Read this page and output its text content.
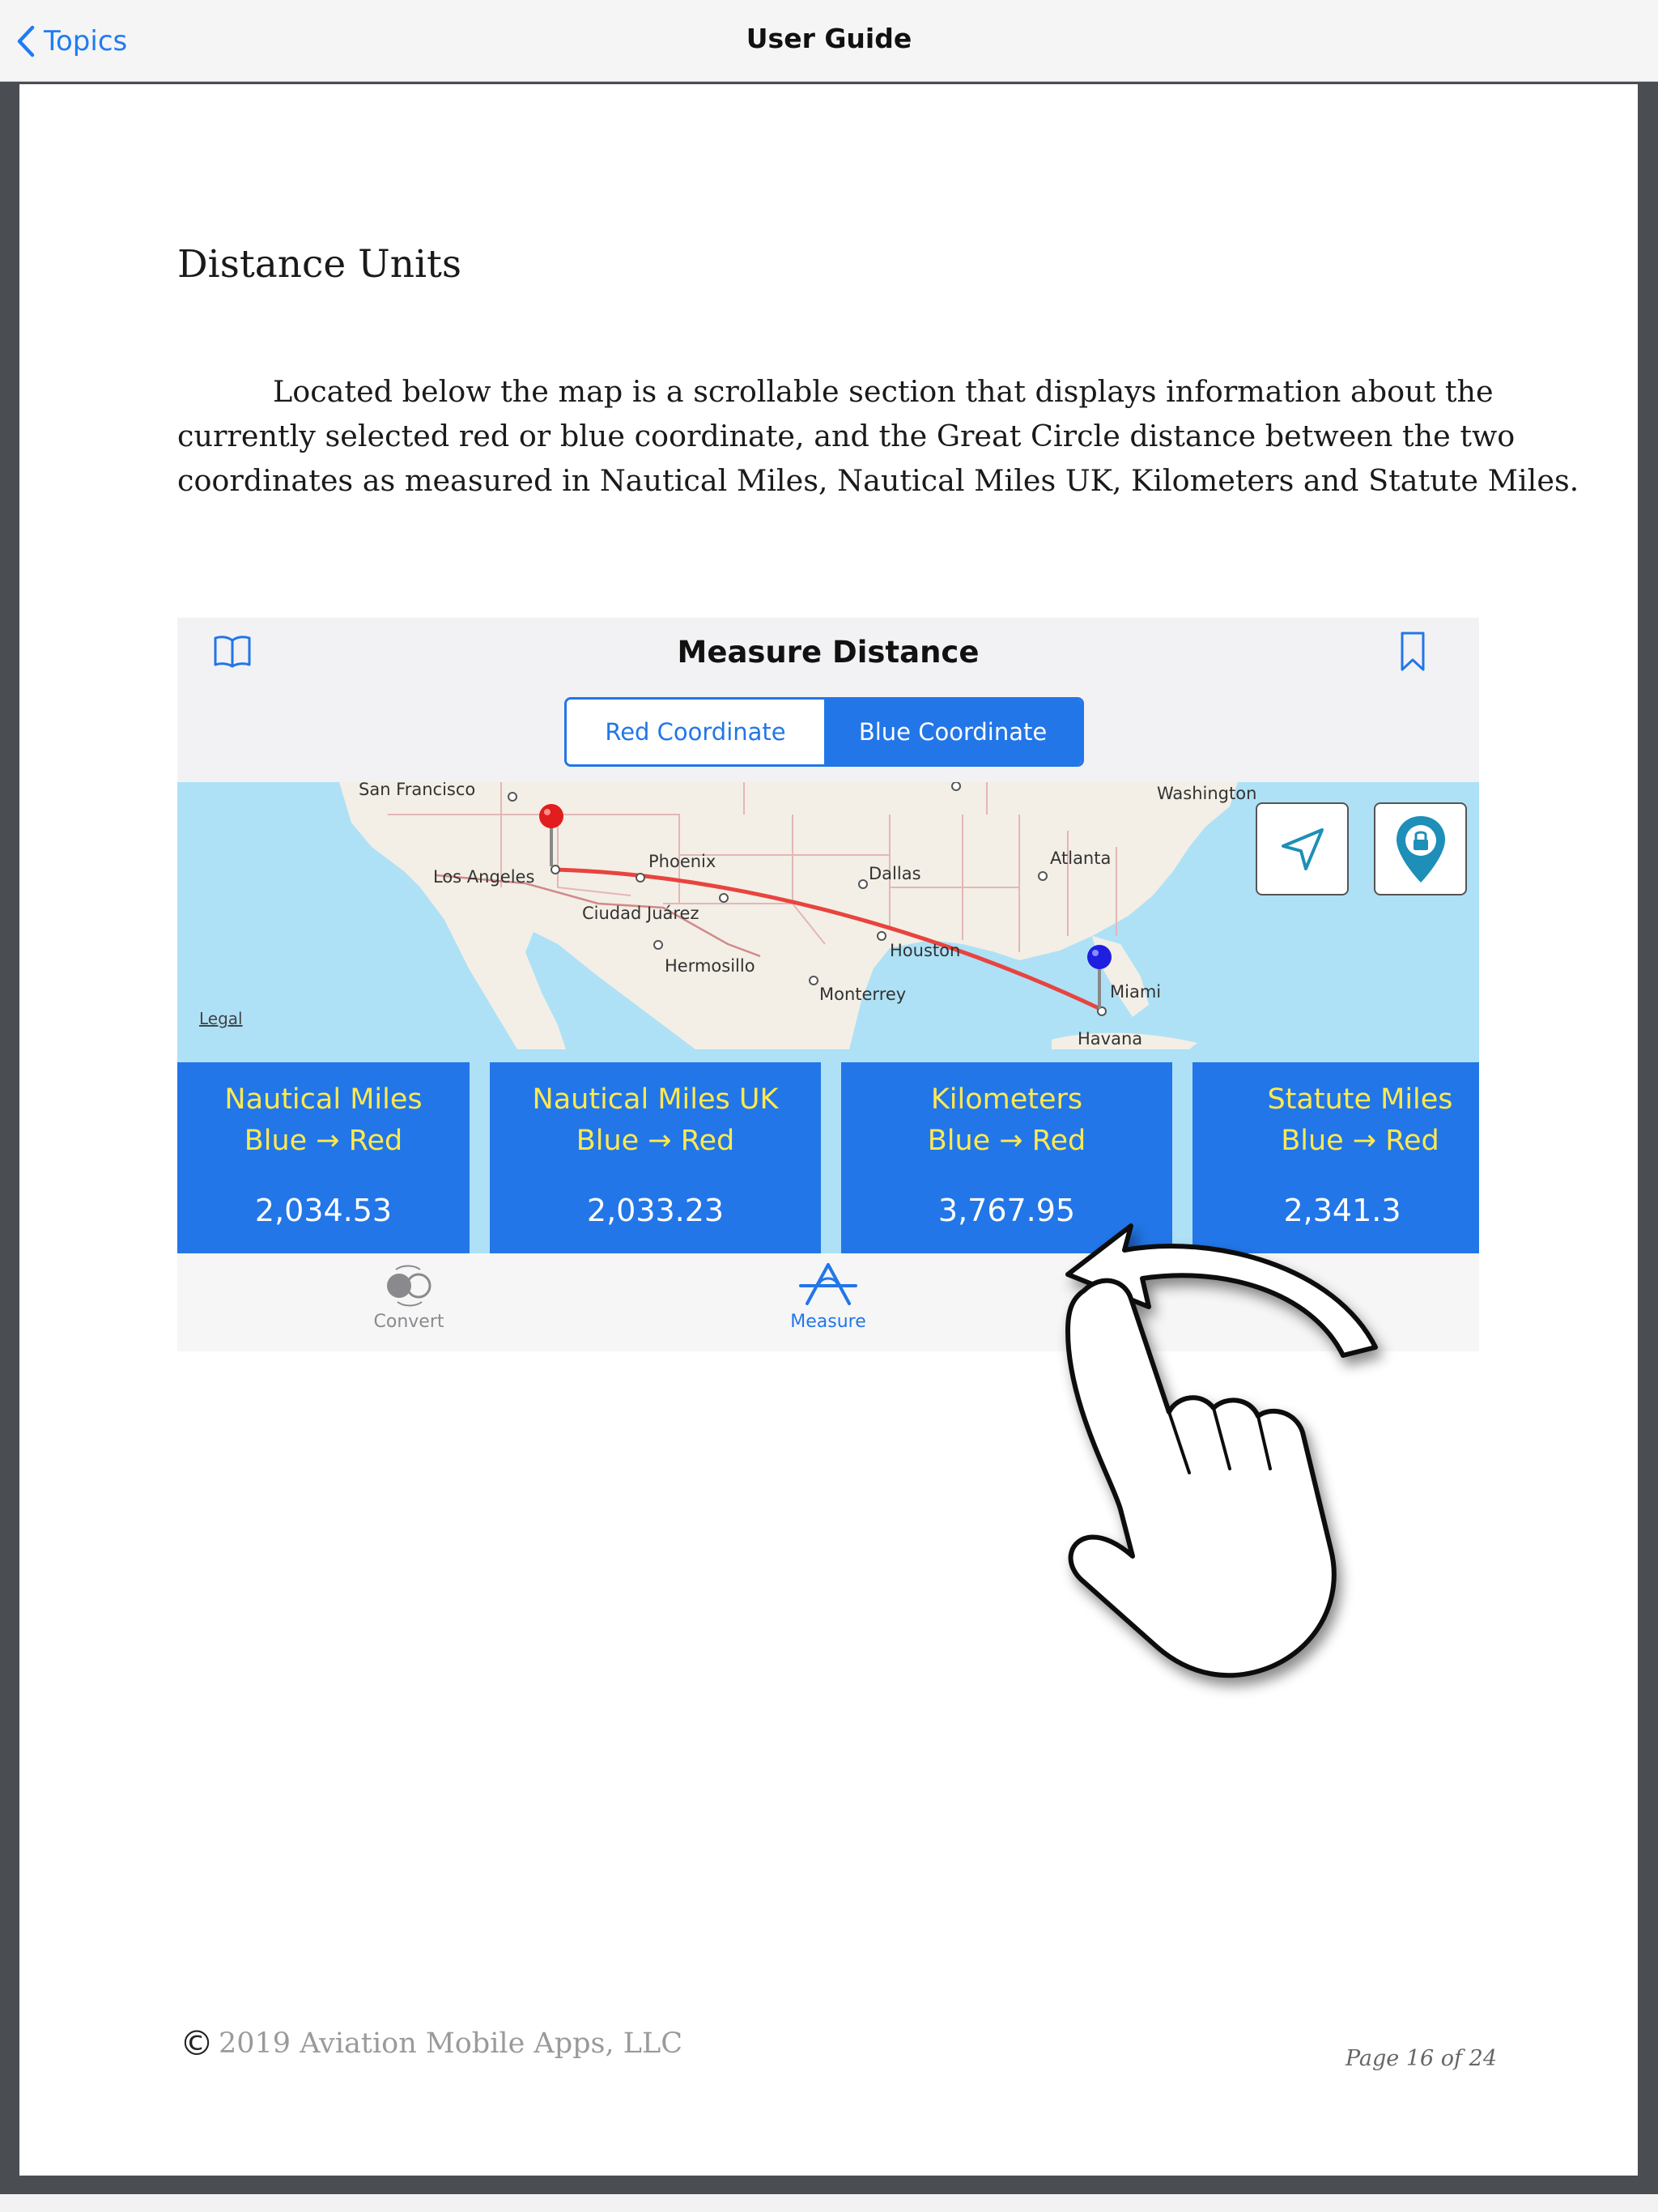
Topics	User Guide
Distance Units

Located below the map is a scrollable section that displays information about the
currently selected red or blue coordinate, and the Great Circle distance between the two
coordinates as measured in Nautical Miles, Nautical Miles UK, Kilometers and Statute Miles.

Measure Distance
Red Coordinate	Blue Coordinate
San Francisco	Washington
Los Angeles
Phoenix
Dallas
Atlanta
Ciudad Juárez
Houston
Hermosillo
Monterrey	Miami
Havana
Legal
Nautical Miles
Blue → Red
2,034.53
Nautical Miles UK
Blue → Red
2,033.23
Kilometers
Blue → Red
3,767.95
Statute Miles
Blue → Red
2,341.3
Convert	Measure
© 2019 Aviation Mobile Apps, LLC	Page 16 of 24
